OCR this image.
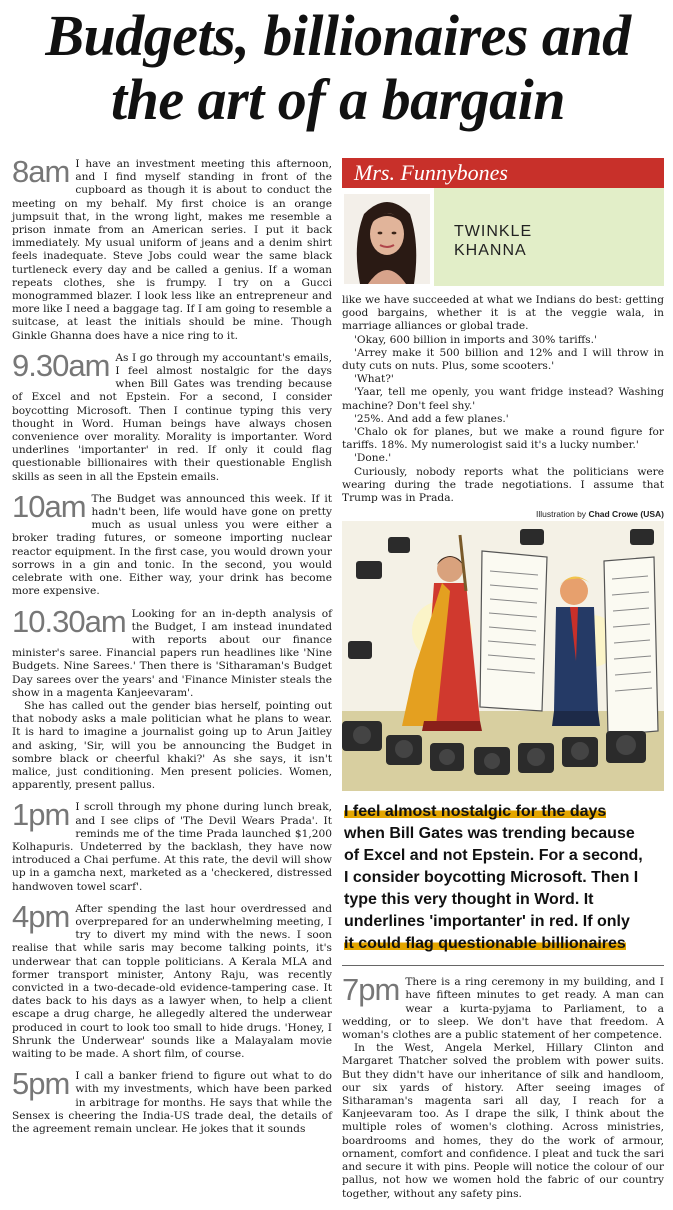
Budgets, billionaires and
the art of a bargain
8am I have an investment meeting this afternoon, and I find myself standing in front of the cupboard as though it is about to conduct the meeting on my behalf. My first choice is an orange jumpsuit that, in the wrong light, makes me resemble a prison inmate from an American series. I put it back immediately. My usual uniform of jeans and a denim shirt feels inadequate. Steve Jobs could wear the same black turtleneck every day and be called a genius. If a woman repeats clothes, she is frumpy. I try on a Gucci monogrammed blazer. I look less like an entrepreneur and more like I need a baggage tag. If I am going to resemble a suitcase, at least the initials should be mine. Though Ginkle Ghanna does have a nice ring to it.

9.30am As I go through my accountant's emails, I feel almost nostalgic for the days when Bill Gates was trending because of Excel and not Epstein. For a second, I consider boycotting Microsoft. Then I continue typing this very thought in Word. Human beings have always chosen convenience over morality. Morality is importanter. Word underlines 'importanter' in red. If only it could flag questionable billionaires with their questionable English skills as seen in all the Epstein emails.

10am The Budget was announced this week. If it hadn't been, life would have gone on pretty much as usual unless you were either a broker trading futures, or someone importing nuclear reactor equipment. In the first case, you would drown your sorrows in a gin and tonic. In the second, you would celebrate with one. Either way, your drink has become more expensive.

10.30am Looking for an in-depth analysis of the Budget, I am instead inundated with reports about our finance minister's saree. Financial papers run headlines like 'Nine Budgets. Nine Sarees.' Then there is 'Sitharaman's Budget Day sarees over the years' and 'Finance Minister steals the show in a magenta Kanjeevaram'.

She has called out the gender bias herself, pointing out that nobody asks a male politician what he plans to wear. It is hard to imagine a journalist going up to Arun Jaitley and asking, 'Sir, will you be announcing the Budget in sombre black or cheerful khaki?' As she says, it isn't malice, just conditioning. Men present policies. Women, apparently, present pallus.

1pm I scroll through my phone during lunch break, and I see clips of 'The Devil Wears Prada'. It reminds me of the time Prada launched $1,200 Kolhapuris. Undeterred by the backlash, they have now introduced a Chai perfume. At this rate, the devil will show up in a gamcha next, marketed as a 'checkered, distressed handwoven towel scarf'.

4pm After spending the last hour overdressed and overprepared for an underwhelming meeting, I try to divert my mind with the news. I soon realise that while saris may become talking points, it's underwear that can topple politicians. A Kerala MLA and former transport minister, Antony Raju, was recently convicted in a two-decade-old evidence-tampering case. It dates back to his days as a lawyer when, to help a client escape a drug charge, he allegedly altered the underwear produced in court to look too small to hide drugs. 'Honey, I Shrunk the Underwear' sounds like a Malayalam movie waiting to be made. A short film, of course.

5pm I call a banker friend to figure out what to do with my investments, which have been parked in arbitrage for months. He says that while the Sensex is cheering the India-US trade deal, the details of the agreement remain unclear. He jokes that it sounds

Mrs. Funnybones
TWINKLE
KHANNA

like we have succeeded at what we Indians do best: getting good bargains, whether it is at the veggie wala, in marriage alliances or global trade.

'Okay, 600 billion in imports and 30% tariffs.'

'Arrey make it 500 billion and 12% and I will throw in duty cuts on nuts. Plus, some scooters.'

'What?'

'Yaar, tell me openly, you want fridge instead? Washing machine? Don't feel shy.'

'25%. And add a few planes.'

'Chalo ok for planes, but we make a round figure for tariffs. 18%. My numerologist said it's a lucky number.'

'Done.'

Curiously, nobody reports what the politicians were wearing during the trade negotiations. I assume that Trump was in Prada.

Illustration by Chad Crowe (USA)
I feel almost nostalgic for the days
when Bill Gates was trending because
of Excel and not Epstein. For a second,
I consider boycotting Microsoft. Then I
type this very thought in Word. It
underlines 'importanter' in red. If only
it could flag questionable billionaires
7pm There is a ring ceremony in my building, and I have fifteen minutes to get ready. A man can wear a kurta-pyjama to Parliament, to a wedding, or to sleep. We don't have that freedom. A woman's clothes are a public statement of her competence.

In the West, Angela Merkel, Hillary Clinton and Margaret Thatcher solved the problem with power suits. But they didn't have our inheritance of silk and handloom, our six yards of history. After seeing images of Sitharaman's magenta sari all day, I reach for a Kanjeevaram too. As I drape the silk, I think about the multiple roles of women's clothing. Across ministries, boardrooms and homes, they do the work of armour, ornament, comfort and confidence. I pleat and tuck the sari and secure it with pins. People will notice the colour of our pallus, not how we women hold the fabric of our country together, without any safety pins.
